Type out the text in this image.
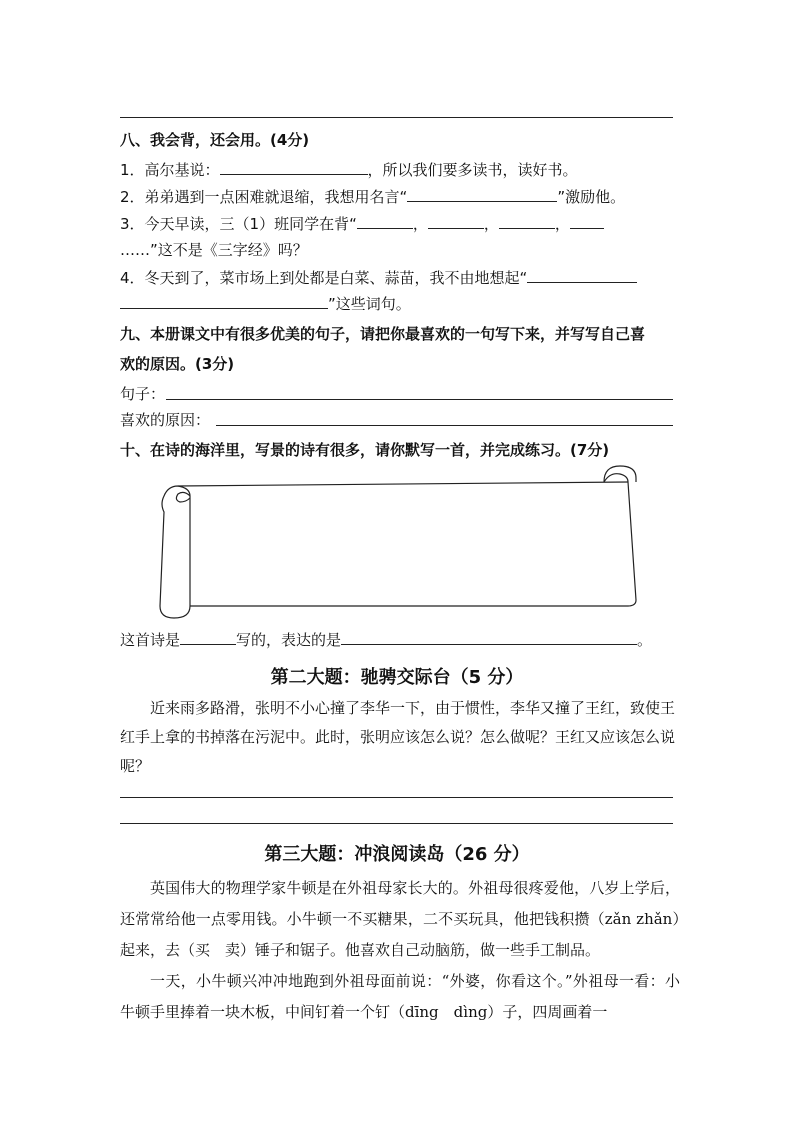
八、我会背，还会用。(4分)
1．高尔基说：	，所以我们要多读书，读好书。
2．弟弟遇到一点困难就退缩，我想用名言“	”激励他。
3．今天早读，三（1）班同学在背“	，	，	，
……”这不是《三字经》吗？
4．冬天到了，菜市场上到处都是白菜、蒜苗，我不由地想起“
”这些词句。
九、本册课文中有很多优美的句子，请把你最喜欢的一句写下来，并写写自己喜
欢的原因。(3分)
句子：
喜欢的原因：
十、在诗的海洋里，写景的诗有很多，请你默写一首，并完成练习。(7分)
这首诗是	写的，表达的是	。
第二大题：驰骋交际台（5 分）
近来雨多路滑，张明不小心撞了李华一下，由于惯性，李华又撞了王红，致使王红手上拿的书掉落在污泥中。此时，张明应该怎么说？怎么做呢？王红又应该怎么说呢？
第三大题：冲浪阅读岛（26 分）
英国伟大的物理学家牛顿是在外祖母家长大的。外祖母很疼爱他，八岁上学后，还常常给他一点零用钱。小牛顿一不买糖果，二不买玩具，他把钱积攒（zǎn zhǎn）起来，去（买　卖）锤子和锯子。他喜欢自己动脑筋，做一些手工制品。
一天，小牛顿兴冲冲地跑到外祖母面前说：“外婆，你看这个。”外祖母一看：小牛顿手里捧着一块木板，中间钉着一个钉（dīng　dìng）子，四周画着一
